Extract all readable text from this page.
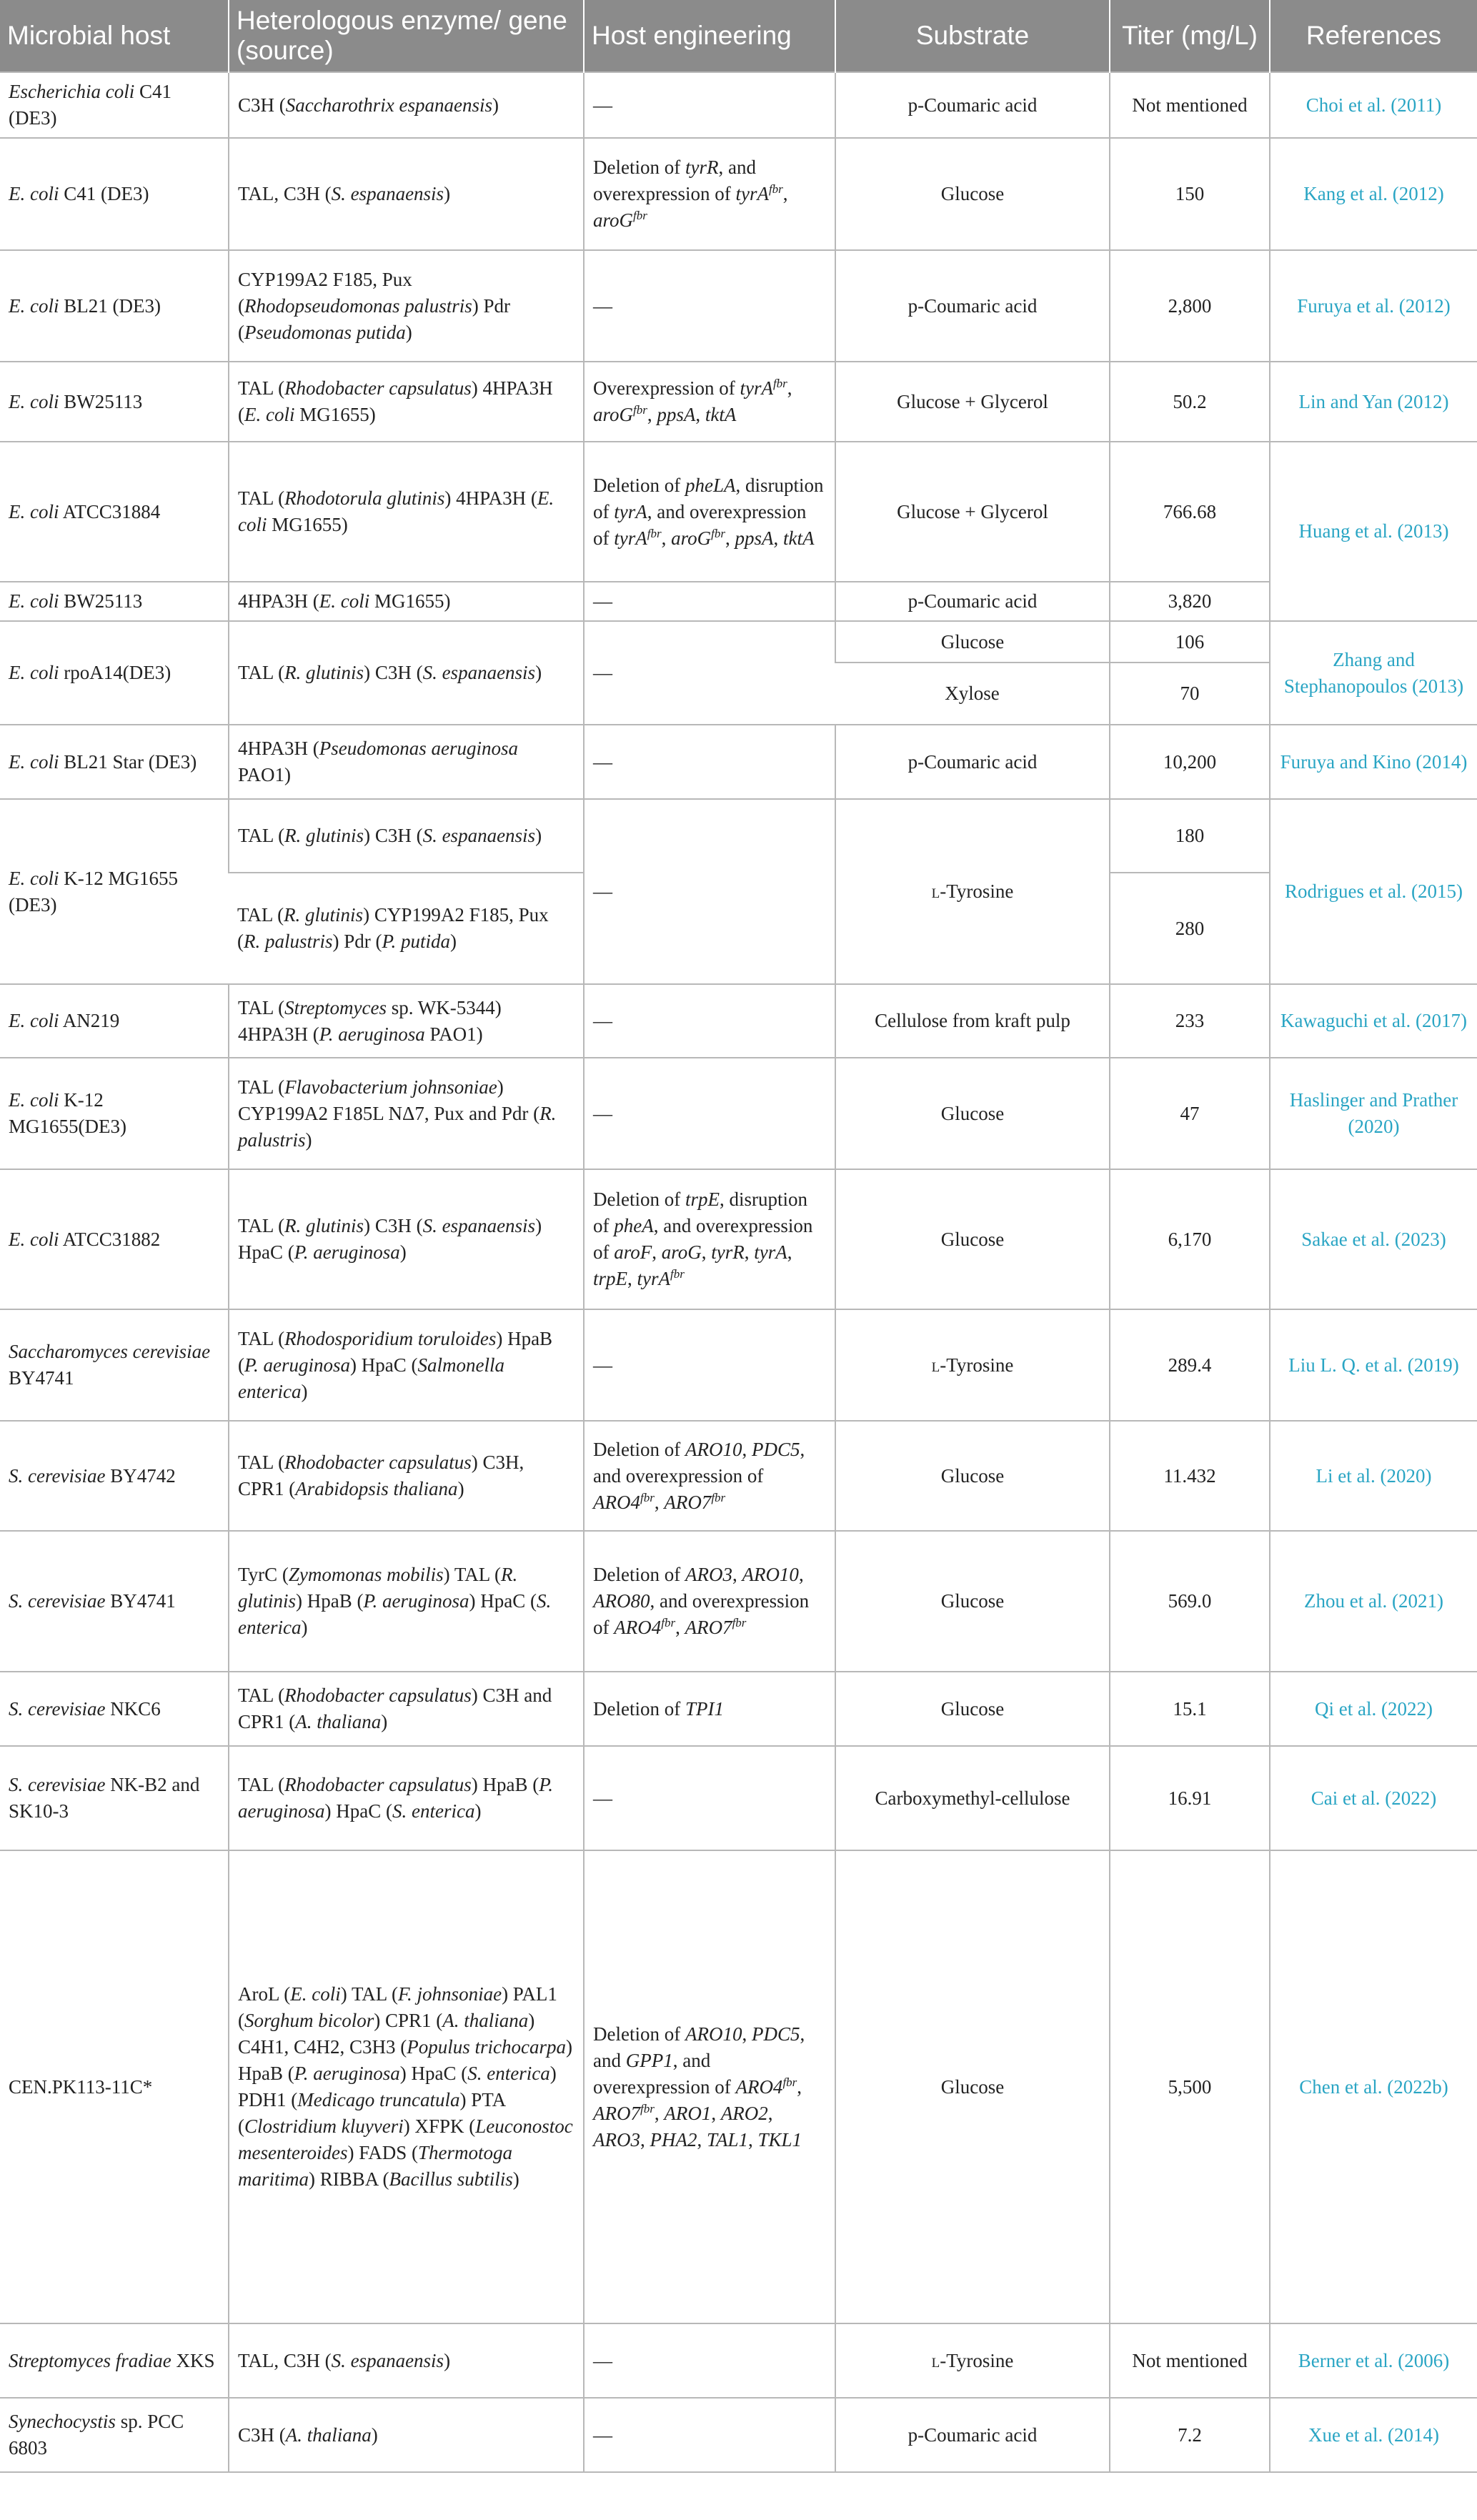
Microbial host	Heterologous enzyme/ gene (source)	Host engineering	Substrate	Titer (mg/L)	References
Escherichia coli C41 (DE3)	C3H (Saccharothrix espanaensis)	—	p-Coumaric acid	Not mentioned	Choi et al. (2011)
E. coli C41 (DE3)	TAL, C3H (S. espanaensis)	Deletion of tyrR, and overexpression of tyrA$^{fbr}$, aroG$^{fbr}$	Glucose	150	Kang et al. (2012)
E. coli BL21 (DE3)	CYP199A2 F185, Pux (Rhodopseudomonas palustris) Pdr (Pseudomonas putida)	—	p-Coumaric acid	2,800	Furuya et al. (2012)
E. coli BW25113	TAL (Rhodobacter capsulatus) 4HPA3H (E. coli MG1655)	Overexpression of tyrA$^{fbr}$, aroG$^{fbr}$, ppsA, tktA	Glucose + Glycerol	50.2	Lin and Yan (2012)
E. coli ATCC31884	TAL (Rhodotorula glutinis) 4HPA3H (E. coli MG1655)	Deletion of pheLA, disruption of tyrA, and overexpression of tyrA$^{fbr}$, aroG$^{fbr}$, ppsA, tktA	Glucose + Glycerol	766.68	Huang et al. (2013)
E. coli BW25113	4HPA3H (E. coli MG1655)	—	p-Coumaric acid	3,820	
E. coli rpoA14(DE3)	TAL (R. glutinis) C3H (S. espanaensis)	—	Glucose	106	Zhang and Stephanopoulos (2013)
			Xylose	70	
E. coli BL21 Star (DE3)	4HPA3H (Pseudomonas aeruginosa PAO1)	—	p-Coumaric acid	10,200	Furuya and Kino (2014)
E. coli K-12 MG1655 (DE3)	TAL (R. glutinis) C3H (S. espanaensis)	—	l-Tyrosine	180	Rodrigues et al. (2015)
	TAL (R. glutinis) CYP199A2 F185, Pux (R. palustris) Pdr (P. putida)			280	
E. coli AN219	TAL (Streptomyces sp. WK-5344) 4HPA3H (P. aeruginosa PAO1)	—	Cellulose from kraft pulp	233	Kawaguchi et al. (2017)
E. coli K-12 MG1655(DE3)	TAL (Flavobacterium johnsoniae) CYP199A2 F185L NΔ7, Pux and Pdr (R. palustris)	—	Glucose	47	Haslinger and Prather (2020)
E. coli ATCC31882	TAL (R. glutinis) C3H (S. espanaensis) HpaC (P. aeruginosa)	Deletion of trpE, disruption of pheA, and overexpression of aroF, aroG, tyrR, tyrA, trpE, tyrA$^{fbr}$	Glucose	6,170	Sakae et al. (2023)
Saccharomyces cerevisiae BY4741	TAL (Rhodosporidium toruloides) HpaB (P. aeruginosa) HpaC (Salmonella enterica)	—	l-Tyrosine	289.4	Liu L. Q. et al. (2019)
S. cerevisiae BY4742	TAL (Rhodobacter capsulatus) C3H, CPR1 (Arabidopsis thaliana)	Deletion of ARO10, PDC5, and overexpression of $ARO4^{fbr}$, $ARO7^{fbr}$	Glucose	11.432	Li et al. (2020)
S. cerevisiae BY4741	TyrC (Zymomonas mobilis) TAL (R. glutinis) HpaB (P. aeruginosa) HpaC (S. enterica)	Deletion of ARO3, ARO10, ARO80, and overexpression of $ARO4^{fbr}$, $ARO7^{fbr}$	Glucose	569.0	Zhou et al. (2021)
S. cerevisiae NKC6	TAL (Rhodobacter capsulatus) C3H and CPR1 (A. thaliana)	Deletion of TPI1	Glucose	15.1	Qi et al. (2022)
S. cerevisiae NK-B2 and SK10-3	TAL (Rhodobacter capsulatus) HpaB (P. aeruginosa) HpaC (S. enterica)	—	Carboxymethyl-cellulose	16.91	Cai et al. (2022)
CEN.PK113-11C*	AroL (E. coli) TAL (F. johnsoniae) PAL1 (Sorghum bicolor) CPR1 (A. thaliana) C4H1, C4H2, C3H3 (Populus trichocarpa) HpaB (P. aeruginosa) HpaC (S. enterica) PDH1 (Medicago truncatula) PTA (Clostridium kluyveri) XFPK (Leuconostoc mesenteroides) FADS (Thermotoga maritima) RIBBA (Bacillus subtilis)	Deletion of ARO10, PDC5, and GPP1, and overexpression of $ARO4^{fbr}$, $ARO7^{fbr}$, ARO1, ARO2, ARO3, PHA2, TAL1, TKL1	Glucose	5,500	Chen et al. (2022b)
Streptomyces fradiae XKS	TAL, C3H (S. espanaensis)	—	l-Tyrosine	Not mentioned	Berner et al. (2006)
Synechocystis sp. PCC 6803	C3H (A. thaliana)	—	p-Coumaric acid	7.2	Xue et al. (2014)
